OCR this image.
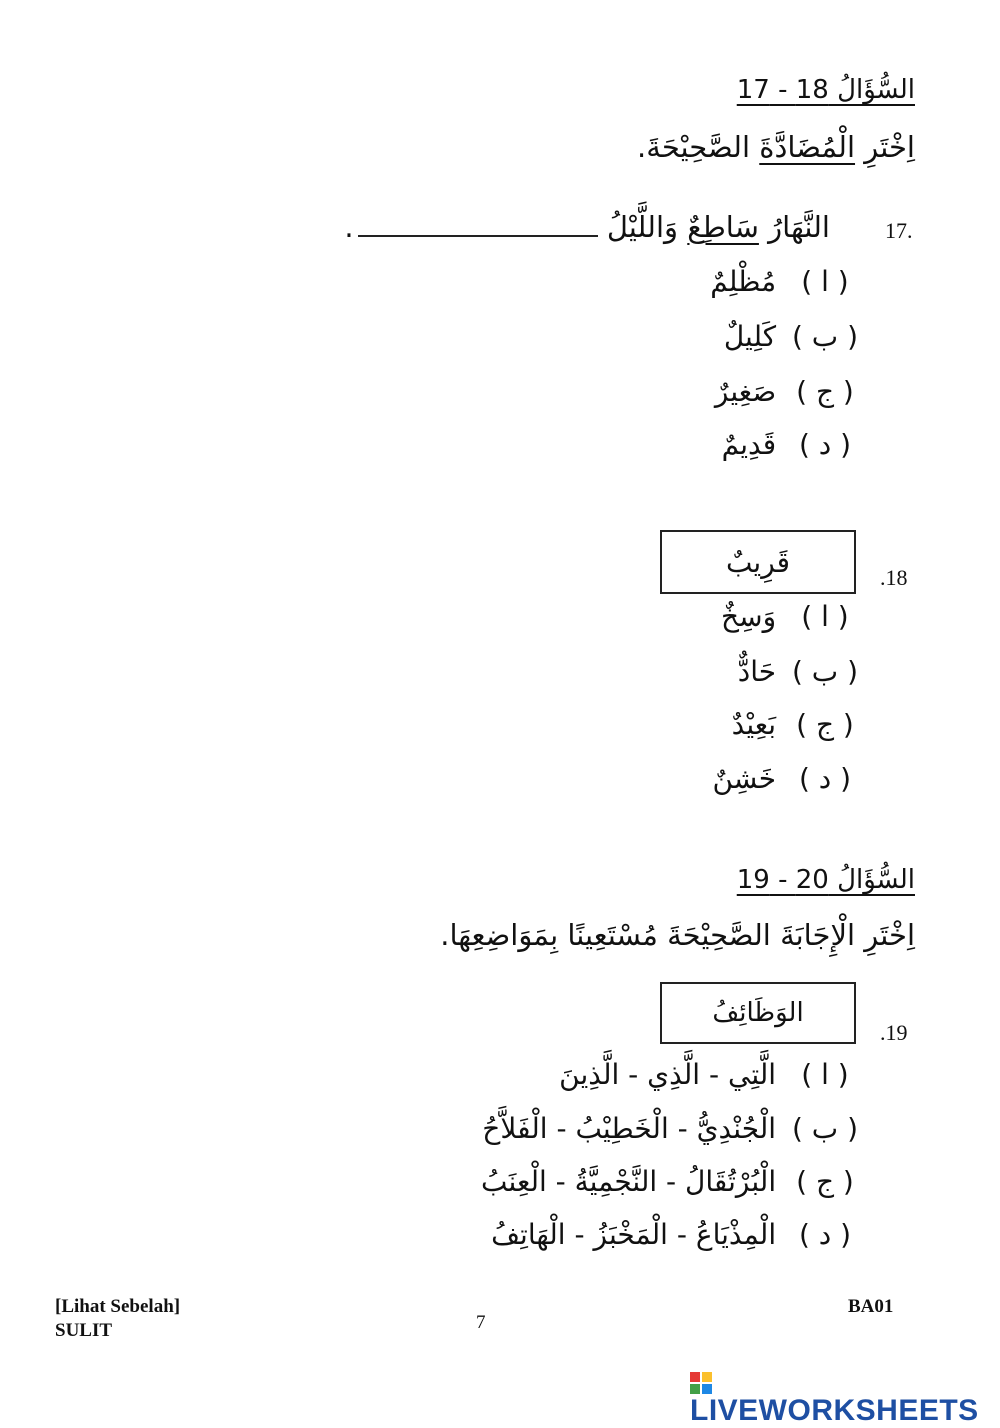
السُّؤَالُ 18 - 17
اِخْتَرِ الْمُضَادَّةَ الصَّحِيْحَةَ.
17.
النَّهَارُ سَاطِعٌ وَاللَّيْلُ .
( ا ) مُظْلِمٌ
( ب ) كَلِيلٌ
( ج ) صَغِيرٌ
( د ) قَدِيمٌ
قَرِيبٌ	.18
( ا ) وَسِخٌ
( ب ) حَادٌّ
( ج ) بَعِيْدٌ
( د ) خَشِنٌ
السُّؤَالُ 20 - 19
اِخْتَرِ الْإِجَابَةَ الصَّحِيْحَةَ مُسْتَعِينًا بِمَوَاضِعِهَا.
الوَظَائِفُ
.19
( ا ) الَّتِي - الَّذِي - الَّذِينَ
( ب ) الْجُنْدِيُّ - الْخَطِيْبُ - الْفَلاَّحُ
( ج ) الْبُرْتُقَالُ - النَّجْمِيَّةُ - الْعِنَبُ
( د ) الْمِذْيَاعُ - الْمَخْبَزُ - الْهَاتِفُ
[Lihat Sebelah]
SULIT	7
BA01
LIVEWORKSHEETS
